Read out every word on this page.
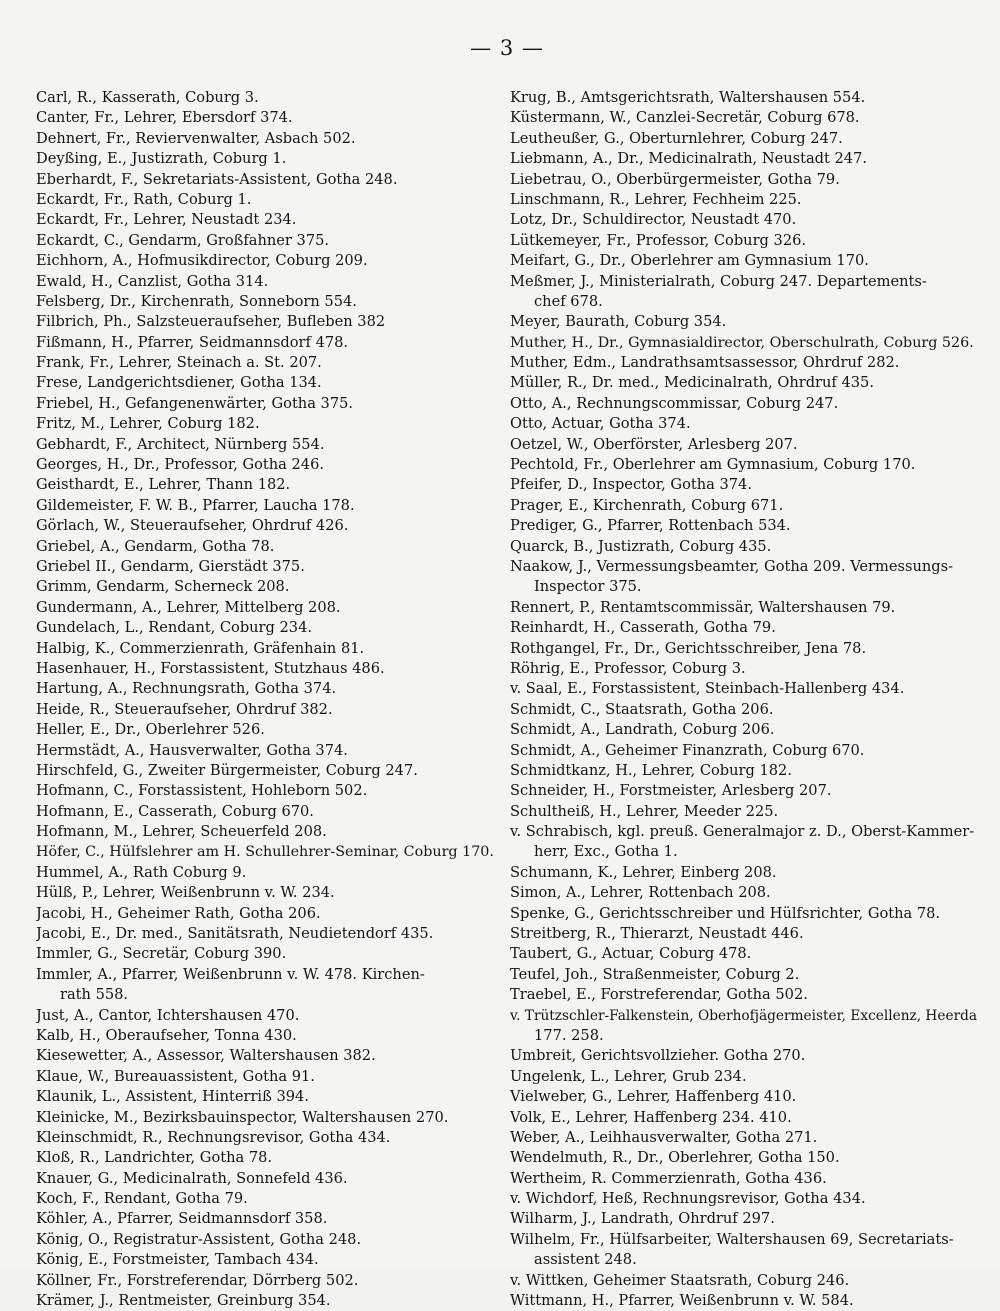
— 3 —
Carl, R., Kasserath, Coburg 3.
Canter, Fr., Lehrer, Ebersdorf 374.
Dehnert, Fr., Reviervenwalter, Asbach 502.
Deyßing, E., Justizrath, Coburg 1.
Eberhardt, F., Sekretariats-Assistent, Gotha 248.
Eckardt, Fr., Rath, Coburg 1.
Eckardt, Fr., Lehrer, Neustadt 234.
Eckardt, C., Gendarm, Großfahner 375.
Eichhorn, A., Hofmusikdirector, Coburg 209.
Ewald, H., Canzlist, Gotha 314.
Felsberg, Dr., Kirchenrath, Sonneborn 554.
Filbrich, Ph., Salzsteueraufseher, Bufleben 382
Fißmann, H., Pfarrer, Seidmannsdorf 478.
Frank, Fr., Lehrer, Steinach a. St. 207.
Frese, Landgerichtsdiener, Gotha 134.
Friebel, H., Gefangenenwärter, Gotha 375.
Fritz, M., Lehrer, Coburg 182.
Gebhardt, F., Architect, Nürnberg 554.
Georges, H., Dr., Professor, Gotha 246.
Geisthardt, E., Lehrer, Thann 182.
Gildemeister, F. W. B., Pfarrer, Laucha 178.
Görlach, W., Steueraufseher, Ohrdruf 426.
Griebel, A., Gendarm, Gotha 78.
Griebel II., Gendarm, Gierstädt 375.
Grimm, Gendarm, Scherneck 208.
Gundermann, A., Lehrer, Mittelberg 208.
Gundelach, L., Rendant, Coburg 234.
Halbig, K., Commerzienrath, Gräfenhain 81.
Hasenhauer, H., Forstassistent, Stutzhaus 486.
Hartung, A., Rechnungsrath, Gotha 374.
Heide, R., Steueraufseher, Ohrdruf 382.
Heller, E., Dr., Oberlehrer 526.
Hermstädt, A., Hausverwalter, Gotha 374.
Hirschfeld, G., Zweiter Bürgermeister, Coburg 247.
Hofmann, C., Forstassistent, Hohleborn 502.
Hofmann, E., Casserath, Coburg 670.
Hofmann, M., Lehrer, Scheuerfeld 208.
Höfer, C., Hülfslehrer am H. Schullehrer-Seminar, Coburg 170.
Hummel, A., Rath Coburg 9.
Hülß, P., Lehrer, Weißenbrunn v. W. 234.
Jacobi, H., Geheimer Rath, Gotha 206.
Jacobi, E., Dr. med., Sanitätsrath, Neudietendorf 435.
Immler, G., Secretär, Coburg 390.
Immler, A., Pfarrer, Weißenbrunn v. W. 478. Kirchen-
rath 558.
Just, A., Cantor, Ichtershausen 470.
Kalb, H., Oberaufseher, Tonna 430.
Kiesewetter, A., Assessor, Waltershausen 382.
Klaue, W., Bureauassistent, Gotha 91.
Klaunik, L., Assistent, Hinterriß 394.
Kleinicke, M., Bezirksbauinspector, Waltershausen 270.
Kleinschmidt, R., Rechnungsrevisor, Gotha 434.
Kloß, R., Landrichter, Gotha 78.
Knauer, G., Medicinalrath, Sonnefeld 436.
Koch, F., Rendant, Gotha 79.
Köhler, A., Pfarrer, Seidmannsdorf 358.
König, O., Registratur-Assistent, Gotha 248.
König, E., Forstmeister, Tambach 434.
Köllner, Fr., Forstreferendar, Dörrberg 502.
Krämer, J., Rentmeister, Greinburg 354.
Krug, B., Amtsgerichtsrath, Waltershausen 554.
Küstermann, W., Canzlei-Secretär, Coburg 678.
Leutheußer, G., Oberturnlehrer, Coburg 247.
Liebmann, A., Dr., Medicinalrath, Neustadt 247.
Liebetrau, O., Oberbürgermeister, Gotha 79.
Linschmann, R., Lehrer, Fechheim 225.
Lotz, Dr., Schuldirector, Neustadt 470.
Lütkemeyer, Fr., Professor, Coburg 326.
Meifart, G., Dr., Oberlehrer am Gymnasium 170.
Meßmer, J., Ministerialrath, Coburg 247. Departements-
chef 678.
Meyer, Baurath, Coburg 354.
Muther, H., Dr., Gymnasialdirector, Oberschulrath, Coburg 526.
Muther, Edm., Landrathsamtsassessor, Ohrdruf 282.
Müller, R., Dr. med., Medicinalrath, Ohrdruf 435.
Otto, A., Rechnungscommissar, Coburg 247.
Otto, Actuar, Gotha 374.
Oetzel, W., Oberförster, Arlesberg 207.
Pechtold, Fr., Oberlehrer am Gymnasium, Coburg 170.
Pfeifer, D., Inspector, Gotha 374.
Prager, E., Kirchenrath, Coburg 671.
Prediger, G., Pfarrer, Rottenbach 534.
Quarck, B., Justizrath, Coburg 435.
Naakow, J., Vermessungsbeamter, Gotha 209. Vermessungs-
Inspector 375.
Rennert, P., Rentamtscommissär, Waltershausen 79.
Reinhardt, H., Casserath, Gotha 79.
Rothgangel, Fr., Dr., Gerichtsschreiber, Jena 78.
Röhrig, E., Professor, Coburg 3.
v. Saal, E., Forstassistent, Steinbach-Hallenberg 434.
Schmidt, C., Staatsrath, Gotha 206.
Schmidt, A., Landrath, Coburg 206.
Schmidt, A., Geheimer Finanzrath, Coburg 670.
Schmidtkanz, H., Lehrer, Coburg 182.
Schneider, H., Forstmeister, Arlesberg 207.
Schultheiß, H., Lehrer, Meeder 225.
v. Schrabisch, kgl. preuß. Generalmajor z. D., Oberst-Kammer-
herr, Exc., Gotha 1.
Schumann, K., Lehrer, Einberg 208.
Simon, A., Lehrer, Rottenbach 208.
Spenke, G., Gerichtsschreiber und Hülfsrichter, Gotha 78.
Streitberg, R., Thierarzt, Neustadt 446.
Taubert, G., Actuar, Coburg 478.
Teufel, Joh., Straßenmeister, Coburg 2.
Traebel, E., Forstreferendar, Gotha 502.
v. Trützschler-Falkenstein, Oberhofjägermeister, Excellenz, Heerda
177. 258.
Umbreit, Gerichtsvollzieher. Gotha 270.
Ungelenk, L., Lehrer, Grub 234.
Vielweber, G., Lehrer, Haffenberg 410.
Volk, E., Lehrer, Haffenberg 234. 410.
Weber, A., Leihhausverwalter, Gotha 271.
Wendelmuth, R., Dr., Oberlehrer, Gotha 150.
Wertheim, R. Commerzienrath, Gotha 436.
v. Wichdorf, Heß, Rechnungsrevisor, Gotha 434.
Wilharm, J., Landrath, Ohrdruf 297.
Wilhelm, Fr., Hülfsarbeiter, Waltershausen 69, Secretariats-
assistent 248.
v. Wittken, Geheimer Staatsrath, Coburg 246.
Wittmann, H., Pfarrer, Weißenbrunn v. W. 584.
